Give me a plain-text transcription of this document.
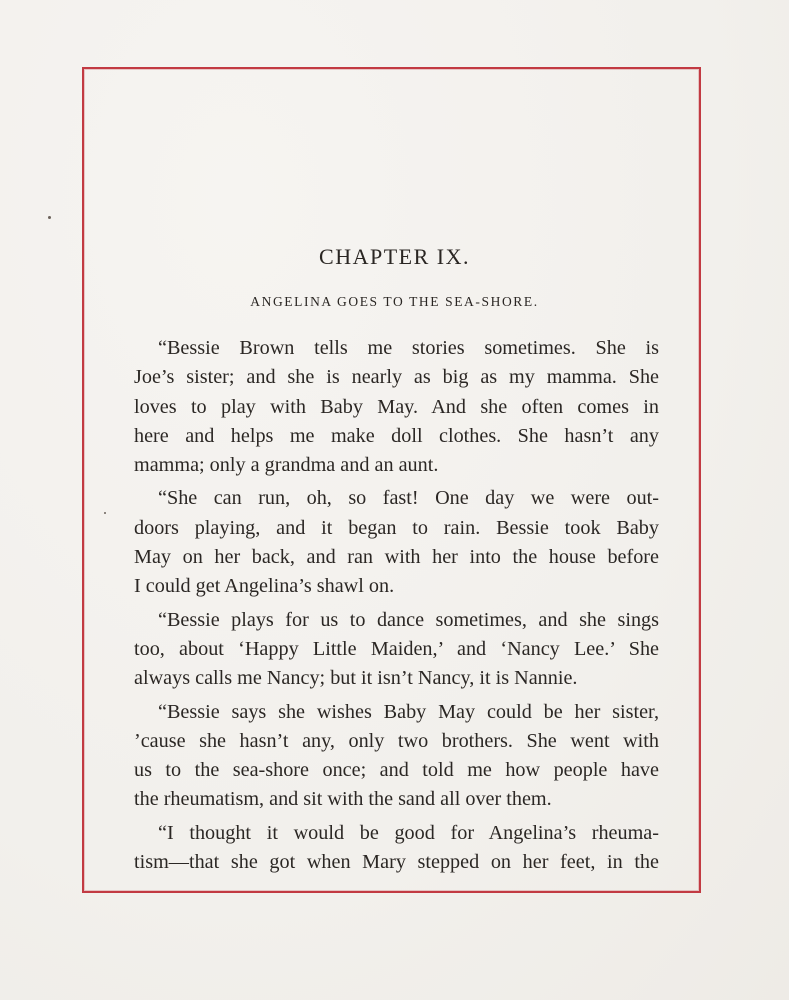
CHAPTER IX.
ANGELINA GOES TO THE SEA-SHORE.
“Bessie Brown tells me stories sometimes. She is
Joe’s sister; and she is nearly as big as my mamma. She
loves to play with Baby May. And she often comes in
here and helps me make doll clothes. She hasn’t any
mamma; only a grandma and an aunt.
“She can run, oh, so fast! One day we were out-
doors playing, and it began to rain. Bessie took Baby
May on her back, and ran with her into the house before
I could get Angelina’s shawl on.
“Bessie plays for us to dance sometimes, and she sings
too, about ‘Happy Little Maiden,’ and ‘Nancy Lee.’ She
always calls me Nancy; but it isn’t Nancy, it is Nannie.
“Bessie says she wishes Baby May could be her sister,
’cause she hasn’t any, only two brothers. She went with
us to the sea-shore once; and told me how people have
the rheumatism, and sit with the sand all over them.
“I thought it would be good for Angelina’s rheuma-
tism—that she got when Mary stepped on her feet, in the
